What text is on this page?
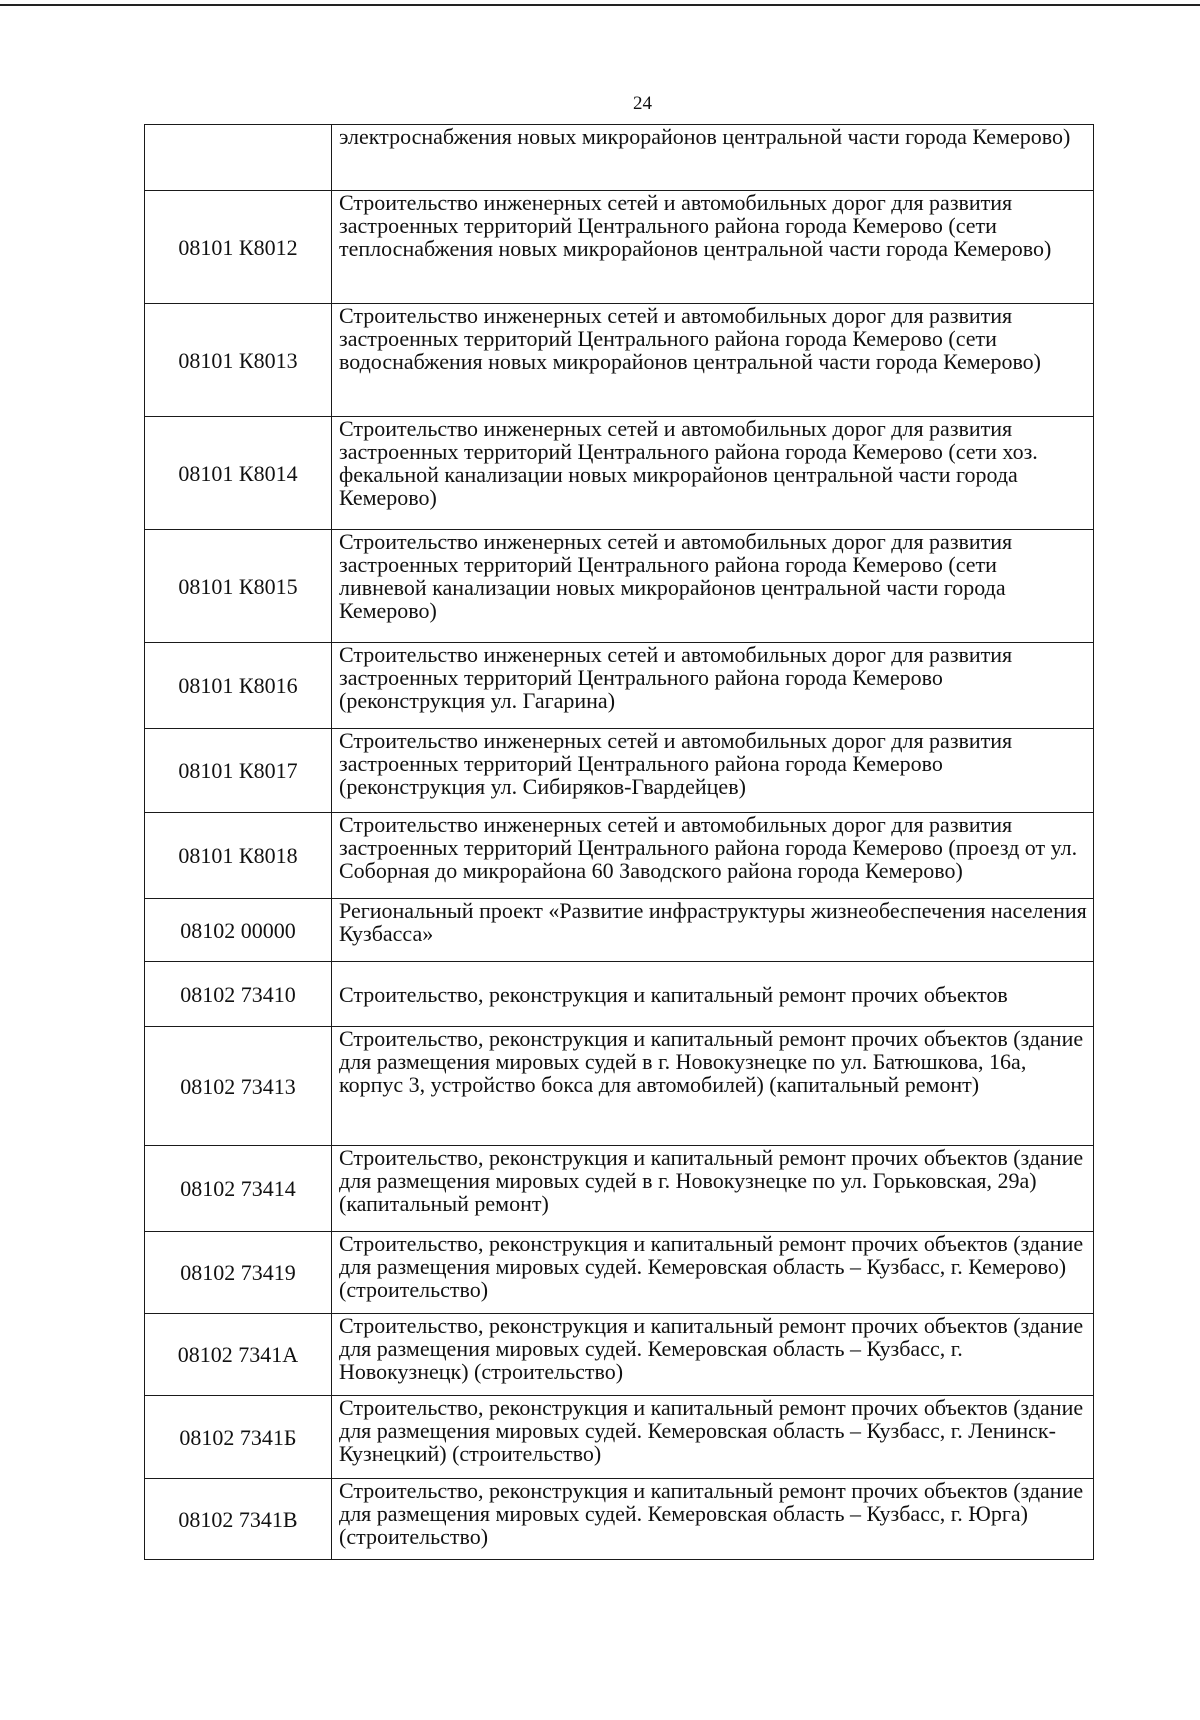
24

	электроснабжения новых микрорайонов центральной части города Кемерово)

08101 К8012	Строительство инженерных сетей и автомобильных дорог для развития застроенных территорий Центрального района города Кемерово (сети теплоснабжения новых микрорайонов центральной части города Кемерово)

08101 К8013	Строительство инженерных сетей и автомобильных дорог для развития застроенных территорий Центрального района города Кемерово (сети водоснабжения новых микрорайонов центральной части города Кемерово)

08101 К8014	Строительство инженерных сетей и автомобильных дорог для развития застроенных территорий Центрального района города Кемерово (сети хоз. фекальной канализации новых микрорайонов центральной части города Кемерово)

08101 К8015	Строительство инженерных сетей и автомобильных дорог для развития застроенных территорий Центрального района города Кемерово (сети ливневой канализации новых микрорайонов центральной части города Кемерово)

08101 К8016	Строительство инженерных сетей и автомобильных дорог для развития застроенных территорий Центрального района города Кемерово (реконструкция ул. Гагарина)

08101 К8017	Строительство инженерных сетей и автомобильных дорог для развития застроенных территорий Центрального района города Кемерово (реконструкция ул. Сибиряков-Гвардейцев)

08101 К8018	Строительство инженерных сетей и автомобильных дорог для развития застроенных территорий Центрального района города Кемерово (проезд от ул. Соборная до микрорайона 60 Заводского района города Кемерово)

08102 00000	Региональный проект «Развитие инфраструктуры жизнеобеспечения населения Кузбасса»

08102 73410	Строительство, реконструкция и капитальный ремонт прочих объектов

08102 73413	Строительство, реконструкция и капитальный ремонт прочих объектов (здание для размещения мировых судей в г. Новокузнецке по ул. Батюшкова, 16а, корпус 3, устройство бокса для автомобилей) (капитальный ремонт)

08102 73414	Строительство, реконструкция и капитальный ремонт прочих объектов (здание для размещения мировых судей в г. Новокузнецке по ул. Горьковская, 29а) (капитальный ремонт)

08102 73419	Строительство, реконструкция и капитальный ремонт прочих объектов (здание для размещения мировых судей. Кемеровская область – Кузбасс, г. Кемерово) (строительство)

08102 7341А	Строительство, реконструкция и капитальный ремонт прочих объектов (здание для размещения мировых судей. Кемеровская область – Кузбасс, г. Новокузнецк) (строительство)

08102 7341Б	Строительство, реконструкция и капитальный ремонт прочих объектов (здание для размещения мировых судей. Кемеровская область – Кузбасс, г. Ленинск-Кузнецкий) (строительство)

08102 7341В	Строительство, реконструкция и капитальный ремонт прочих объектов (здание для размещения мировых судей. Кемеровская область – Кузбасс, г. Юрга) (строительство)
